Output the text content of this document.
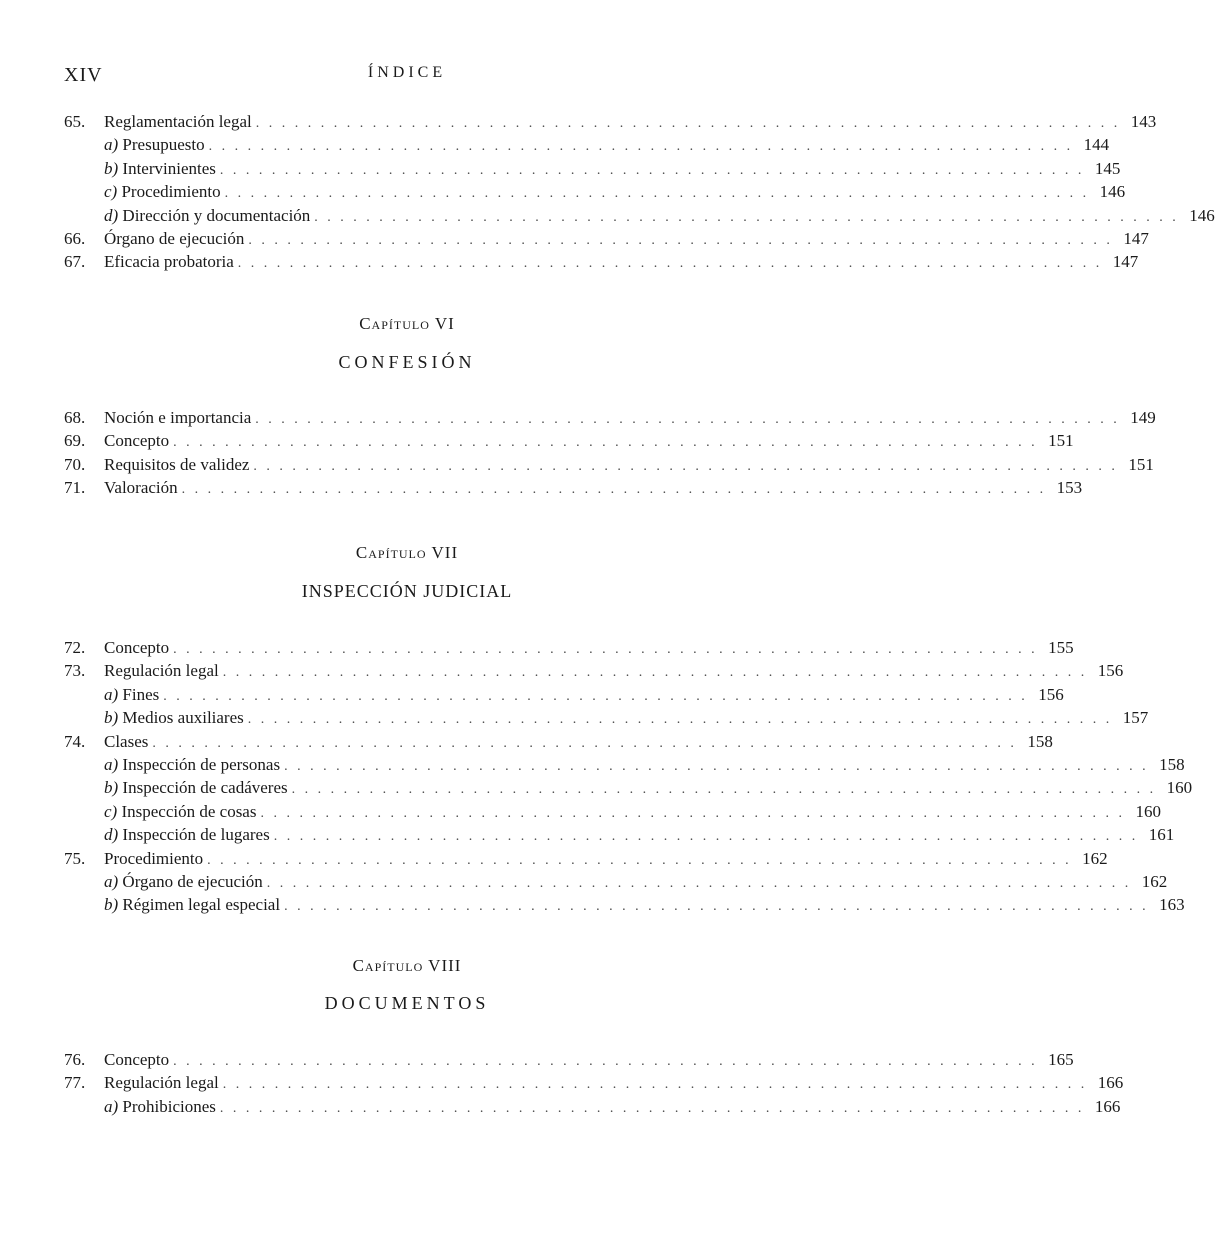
XIV	ÍNDICE
65.	Reglamentación legal . . . . . . . . . . . . . . . . . . . . . . . . . . . . . . . . . . . . . . . . . . . . . . . . . . . . . . . . . . . . . . . . . . . 143
a) Presupuesto . . . . . . . . . . . . . . . . . . . . . . . . . . . . . . . . . . . . . . . . . . . . . . . . . . . . . . . . . . . . . . . . . . . 144
b) Intervinientes . . . . . . . . . . . . . . . . . . . . . . . . . . . . . . . . . . . . . . . . . . . . . . . . . . . . . . . . . . . . . . . . . . . 145
c) Procedimiento . . . . . . . . . . . . . . . . . . . . . . . . . . . . . . . . . . . . . . . . . . . . . . . . . . . . . . . . . . . . . . . . . . . 146
d) Dirección y documentación . . . . . . . . . . . . . . . . . . . . . . . . . . . . . . . . . . . . . . . . . . . . . . . . . . . . . . . . . . . . . . . . . . . 146
66.	Órgano de ejecución . . . . . . . . . . . . . . . . . . . . . . . . . . . . . . . . . . . . . . . . . . . . . . . . . . . . . . . . . . . . . . . . . . . 147
67.	Eficacia probatoria . . . . . . . . . . . . . . . . . . . . . . . . . . . . . . . . . . . . . . . . . . . . . . . . . . . . . . . . . . . . . . . . . . . 147
Capítulo VI
CONFESIÓN
68.	Noción e importancia . . . . . . . . . . . . . . . . . . . . . . . . . . . . . . . . . . . . . . . . . . . . . . . . . . . . . . . . . . . . . . . . . . . 149
69.	Concepto . . . . . . . . . . . . . . . . . . . . . . . . . . . . . . . . . . . . . . . . . . . . . . . . . . . . . . . . . . . . . . . . . . . 151
70.	Requisitos de validez . . . . . . . . . . . . . . . . . . . . . . . . . . . . . . . . . . . . . . . . . . . . . . . . . . . . . . . . . . . . . . . . . . . 151
71.	Valoración . . . . . . . . . . . . . . . . . . . . . . . . . . . . . . . . . . . . . . . . . . . . . . . . . . . . . . . . . . . . . . . . . . . 153
Capítulo VII
INSPECCIÓN JUDICIAL
72.	Concepto . . . . . . . . . . . . . . . . . . . . . . . . . . . . . . . . . . . . . . . . . . . . . . . . . . . . . . . . . . . . . . . . . . . 155
73.	Regulación legal . . . . . . . . . . . . . . . . . . . . . . . . . . . . . . . . . . . . . . . . . . . . . . . . . . . . . . . . . . . . . . . . . . . 156
a) Fines . . . . . . . . . . . . . . . . . . . . . . . . . . . . . . . . . . . . . . . . . . . . . . . . . . . . . . . . . . . . . . . . . . . 156
b) Medios auxiliares . . . . . . . . . . . . . . . . . . . . . . . . . . . . . . . . . . . . . . . . . . . . . . . . . . . . . . . . . . . . . . . . . . . 157
74.	Clases . . . . . . . . . . . . . . . . . . . . . . . . . . . . . . . . . . . . . . . . . . . . . . . . . . . . . . . . . . . . . . . . . . . 158
a) Inspección de personas . . . . . . . . . . . . . . . . . . . . . . . . . . . . . . . . . . . . . . . . . . . . . . . . . . . . . . . . . . . . . . . . . . . 158
b) Inspección de cadáveres . . . . . . . . . . . . . . . . . . . . . . . . . . . . . . . . . . . . . . . . . . . . . . . . . . . . . . . . . . . . . . . . . . . 160
c) Inspección de cosas . . . . . . . . . . . . . . . . . . . . . . . . . . . . . . . . . . . . . . . . . . . . . . . . . . . . . . . . . . . . . . . . . . . 160
d) Inspección de lugares . . . . . . . . . . . . . . . . . . . . . . . . . . . . . . . . . . . . . . . . . . . . . . . . . . . . . . . . . . . . . . . . . . . 161
75.	Procedimiento . . . . . . . . . . . . . . . . . . . . . . . . . . . . . . . . . . . . . . . . . . . . . . . . . . . . . . . . . . . . . . . . . . . 162
a) Órgano de ejecución . . . . . . . . . . . . . . . . . . . . . . . . . . . . . . . . . . . . . . . . . . . . . . . . . . . . . . . . . . . . . . . . . . . 162
b) Régimen legal especial . . . . . . . . . . . . . . . . . . . . . . . . . . . . . . . . . . . . . . . . . . . . . . . . . . . . . . . . . . . . . . . . . . . 163
Capítulo VIII
DOCUMENTOS
76.	Concepto . . . . . . . . . . . . . . . . . . . . . . . . . . . . . . . . . . . . . . . . . . . . . . . . . . . . . . . . . . . . . . . . . . . 165
77.	Regulación legal . . . . . . . . . . . . . . . . . . . . . . . . . . . . . . . . . . . . . . . . . . . . . . . . . . . . . . . . . . . . . . . . . . . 166
a) Prohibiciones . . . . . . . . . . . . . . . . . . . . . . . . . . . . . . . . . . . . . . . . . . . . . . . . . . . . . . . . . . . . . . . . . . . 166
